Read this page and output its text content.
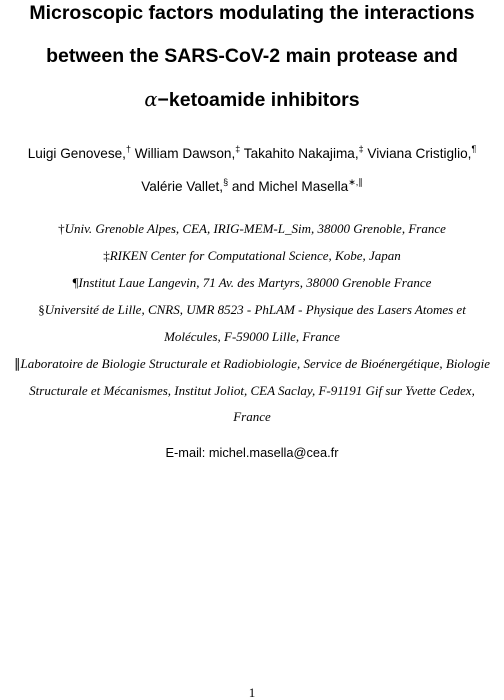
Microscopic factors modulating the interactions
between the SARS-CoV-2 main protease and
α−ketoamide inhibitors
Luigi Genovese,† William Dawson,‡ Takahito Nakajima,‡ Viviana Cristiglio,¶
Valérie Vallet,§ and Michel Masella∗,∥
†Univ. Grenoble Alpes, CEA, IRIG-MEM-L_Sim, 38000 Grenoble, France
‡RIKEN Center for Computational Science, Kobe, Japan
¶Institut Laue Langevin, 71 Av. des Martyrs, 38000 Grenoble France
§Université de Lille, CNRS, UMR 8523 - PhLAM - Physique des Lasers Atomes et
Molécules, F-59000 Lille, France
∥Laboratoire de Biologie Structurale et Radiobiologie, Service de Bioénergétique, Biologie
Structurale et Mécanismes, Institut Joliot, CEA Saclay, F-91191 Gif sur Yvette Cedex,
France
E-mail: michel.masella@cea.fr
1
